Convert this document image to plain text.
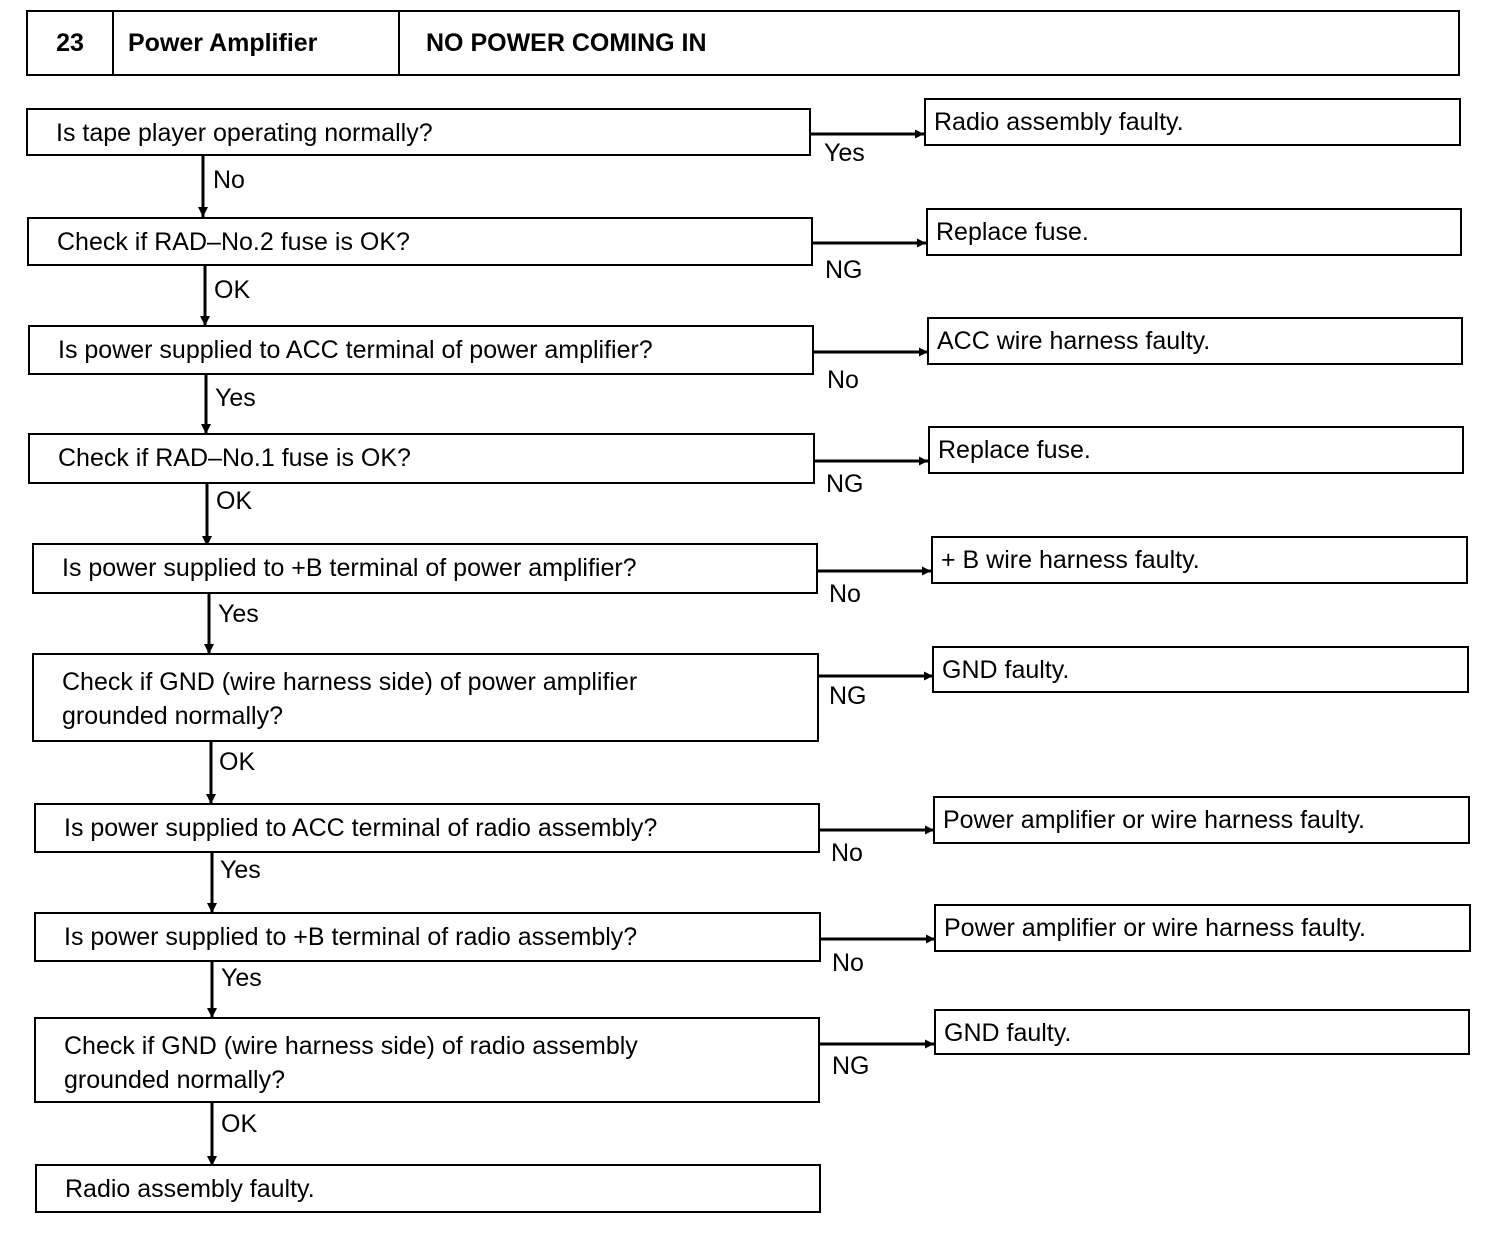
23	Power Amplifier	NO POWER COMING IN
Is tape player operating normally?
Check if RAD–No.2 fuse is OK?
Is power supplied to ACC terminal of power amplifier?
Check if RAD–No.1 fuse is OK?
Is power supplied to +B terminal of power amplifier?
Check if GND (wire harness side) of power amplifier grounded normally?
Is power supplied to ACC terminal of radio assembly?
Is power supplied to +B terminal of radio assembly?
Check if GND (wire harness side) of radio assembly grounded normally?
Radio assembly faulty.
Radio assembly faulty.
Replace fuse.
ACC wire harness faulty.
Replace fuse.
+ B wire harness faulty.
GND faulty.
Power amplifier or wire harness faulty.
Power amplifier or wire harness faulty.
GND faulty.
Yes
NG
No
NG
No
NG
No
No
NG
No
OK
Yes
OK
Yes
OK
Yes
Yes
OK
